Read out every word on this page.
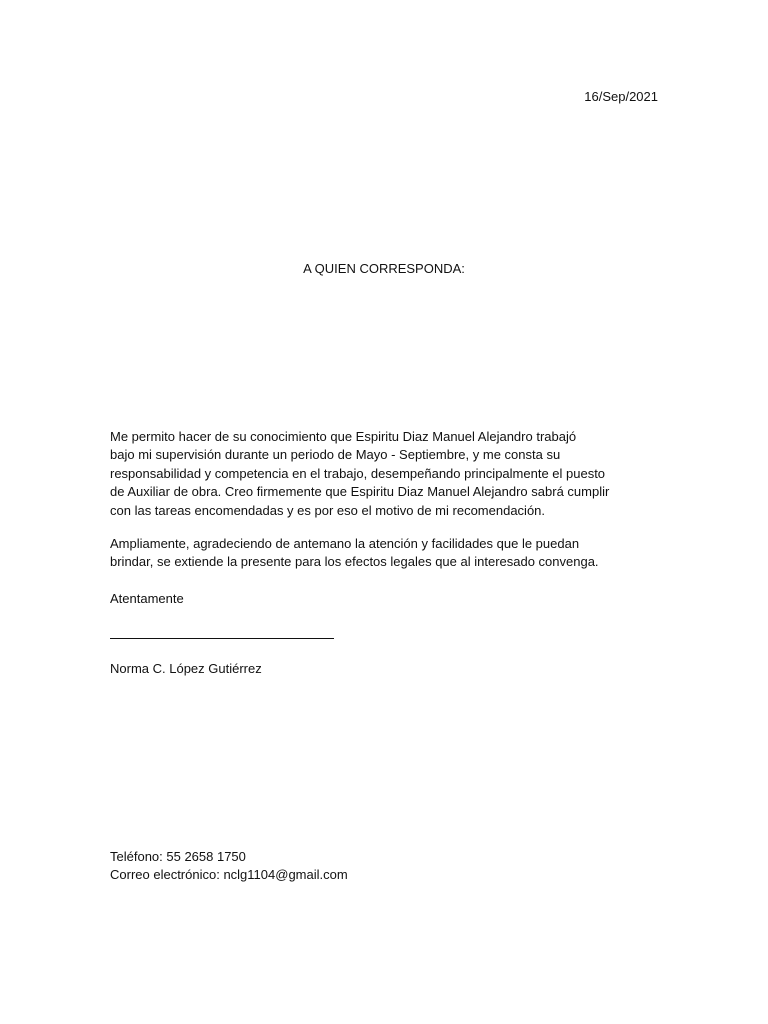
16/Sep/2021
A QUIEN CORRESPONDA:
Me permito hacer de su conocimiento que Espiritu Diaz Manuel Alejandro trabajó
bajo mi supervisión durante un periodo de Mayo - Septiembre, y me consta su
responsabilidad y competencia en el trabajo, desempeñando principalmente el puesto
de Auxiliar de obra. Creo firmemente que Espiritu Diaz Manuel Alejandro sabrá cumplir
con las tareas encomendadas y es por eso el motivo de mi recomendación.
Ampliamente, agradeciendo de antemano la atención y facilidades que le puedan
brindar, se extiende la presente para los efectos legales que al interesado convenga.
Atentamente
Norma C. López Gutiérrez
Teléfono: 55 2658 1750
Correo electrónico: nclg1104@gmail.com
